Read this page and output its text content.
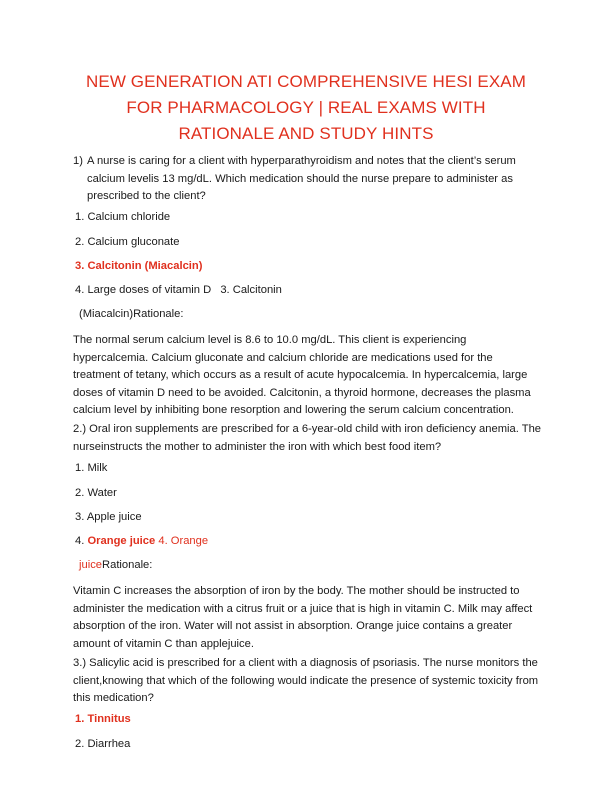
NEW GENERATION ATI COMPREHENSIVE HESI EXAM
FOR PHARMACOLOGY | REAL EXAMS WITH
RATIONALE AND STUDY HINTS
1) A nurse is caring for a client with hyperparathyroidism and notes that the client’s serum
calcium levelis 13 mg/dL. Which medication should the nurse prepare to administer as
prescribed to the client?
1. Calcium chloride
2. Calcium gluconate
3. Calcitonin (Miacalcin)
4. Large doses of vitamin D 3. Calcitonin
(Miacalcin)Rationale:
The normal serum calcium level is 8.6 to 10.0 mg/dL. This client is experiencing
hypercalcemia. Calcium gluconate and calcium chloride are medications used for the
treatment of tetany, which occurs as a result of acute hypocalcemia. In hypercalcemia, large
doses of vitamin D need to be avoided. Calcitonin, a thyroid hormone, decreases the plasma
calcium level by inhibiting bone resorption and lowering the serum calcium concentration.
2.) Oral iron supplements are prescribed for a 6-year-old child with iron deficiency anemia. The
nurseinstructs the mother to administer the iron with which best food item?
1. Milk
2. Water
3. Apple juice
4. Orange juice 4. Orange
juiceRationale:
Vitamin C increases the absorption of iron by the body. The mother should be instructed to
administer the medication with a citrus fruit or a juice that is high in vitamin C. Milk may affect
absorption of the iron. Water will not assist in absorption. Orange juice contains a greater
amount of vitamin C than applejuice.
3.) Salicylic acid is prescribed for a client with a diagnosis of psoriasis. The nurse monitors the
client,knowing that which of the following would indicate the presence of systemic toxicity from
this medication?
1. Tinnitus
2. Diarrhea
